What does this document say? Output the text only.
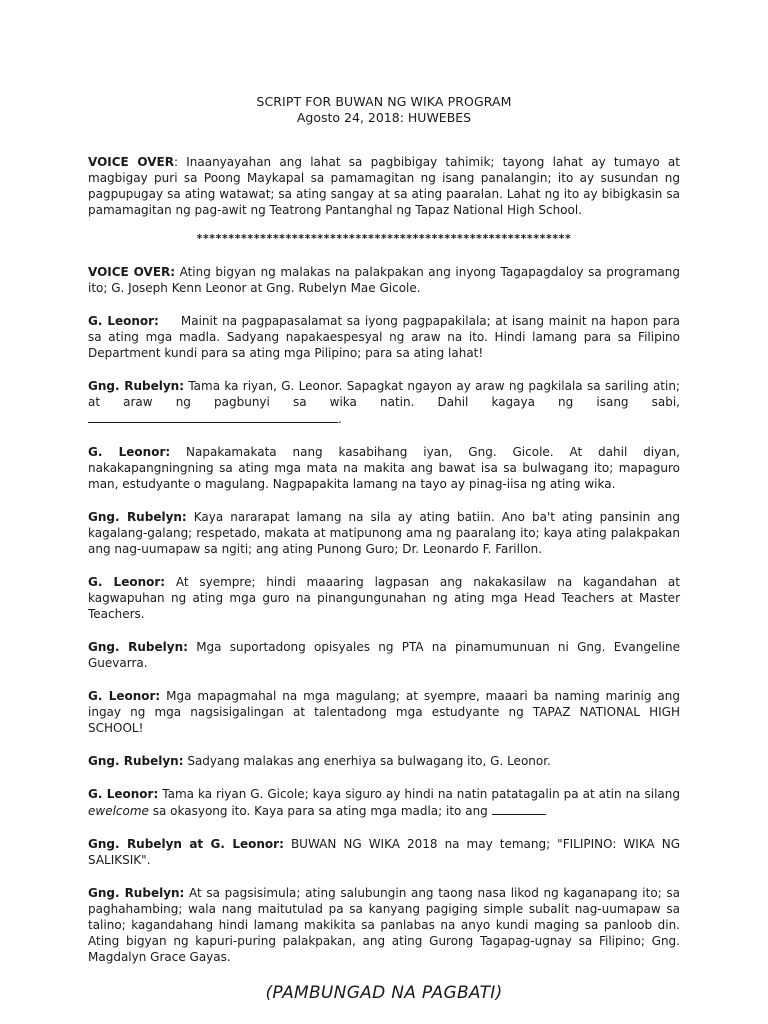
SCRIPT FOR BUWAN NG WIKA PROGRAM

Agosto 24, 2018: HUWEBES

VOICE OVER: Inaanyayahan ang lahat sa pagbibigay tahimik; tayong lahat ay tumayo at magbigay puri sa Poong Maykapal sa pamamagitan ng isang panalangin; ito ay susundan ng pagpupugay sa ating watawat; sa ating sangay at sa ating paaralan. Lahat ng ito ay bibigkasin sa pamamagitan ng pag-awit ng Teatrong Pantanghal ng Tapaz National High School.

***********************************************************

VOICE OVER: Ating bigyan ng malakas na palakpakan ang inyong Tagapagdaloy sa programang ito; G. Joseph Kenn Leonor at Gng. Rubelyn Mae Gicole.

G. Leonor: Mainit na pagpapasalamat sa iyong pagpapakilala; at isang mainit na hapon para sa ating mga madla. Sadyang napakaespesyal ng araw na ito. Hindi lamang para sa Filipino Department kundi para sa ating mga Pilipino; para sa ating lahat!

Gng. Rubelyn: Tama ka riyan, G. Leonor. Sapagkat ngayon ay araw ng pagkilala sa sariling atin; at araw ng pagbunyi sa wika natin. Dahil kagaya ng isang sabi,.

G. Leonor: Napakamakata nang kasabihang iyan, Gng. Gicole. At dahil diyan, nakakapangningning sa ating mga mata na makita ang bawat isa sa bulwagang ito; mapaguro man, estudyante o magulang. Nagpapakita lamang na tayo ay pinag-iisa ng ating wika.

Gng. Rubelyn: Kaya nararapat lamang na sila ay ating batiin. Ano ba't ating pansinin ang kagalang-galang; respetado, makata at matipunong ama ng paaralang ito; kaya ating palakpakan ang nag-uumapaw sa ngiti; ang ating Punong Guro; Dr. Leonardo F. Farillon.

G. Leonor: At syempre; hindi maaaring lagpasan ang nakakasilaw na kagandahan at kagwapuhan ng ating mga guro na pinangungunahan ng ating mga Head Teachers at Master Teachers.

Gng. Rubelyn: Mga suportadong opisyales ng PTA na pinamumunuan ni Gng. Evangeline Guevarra.

G. Leonor: Mga mapagmahal na mga magulang; at syempre, maaari ba naming marinig ang ingay ng mga nagsisigalingan at talentadong mga estudyante ng TAPAZ NATIONAL HIGH SCHOOL!

Gng. Rubelyn: Sadyang malakas ang enerhiya sa bulwagang ito, G. Leonor.

G. Leonor: Tama ka riyan G. Gicole; kaya siguro ay hindi na natin patatagalin pa at atin na silang ewelcome sa okasyong ito. Kaya para sa ating mga madla; ito ang

Gng. Rubelyn at G. Leonor: BUWAN NG WIKA 2018 na may temang; "FILIPINO: WIKA NG SALIKSIK".

Gng. Rubelyn: At sa pagsisimula; ating salubungin ang taong nasa likod ng kaganapang ito; sa paghahambing; wala nang maitutulad pa sa kanyang pagiging simple subalit nag-uumapaw sa talino; kagandahang hindi lamang makikita sa panlabas na anyo kundi maging sa panloob din. Ating bigyan ng kapuri-puring palakpakan, ang ating Gurong Tagapag-ugnay sa Filipino; Gng. Magdalyn Grace Gayas.

(PAMBUNGAD NA PAGBATI)
